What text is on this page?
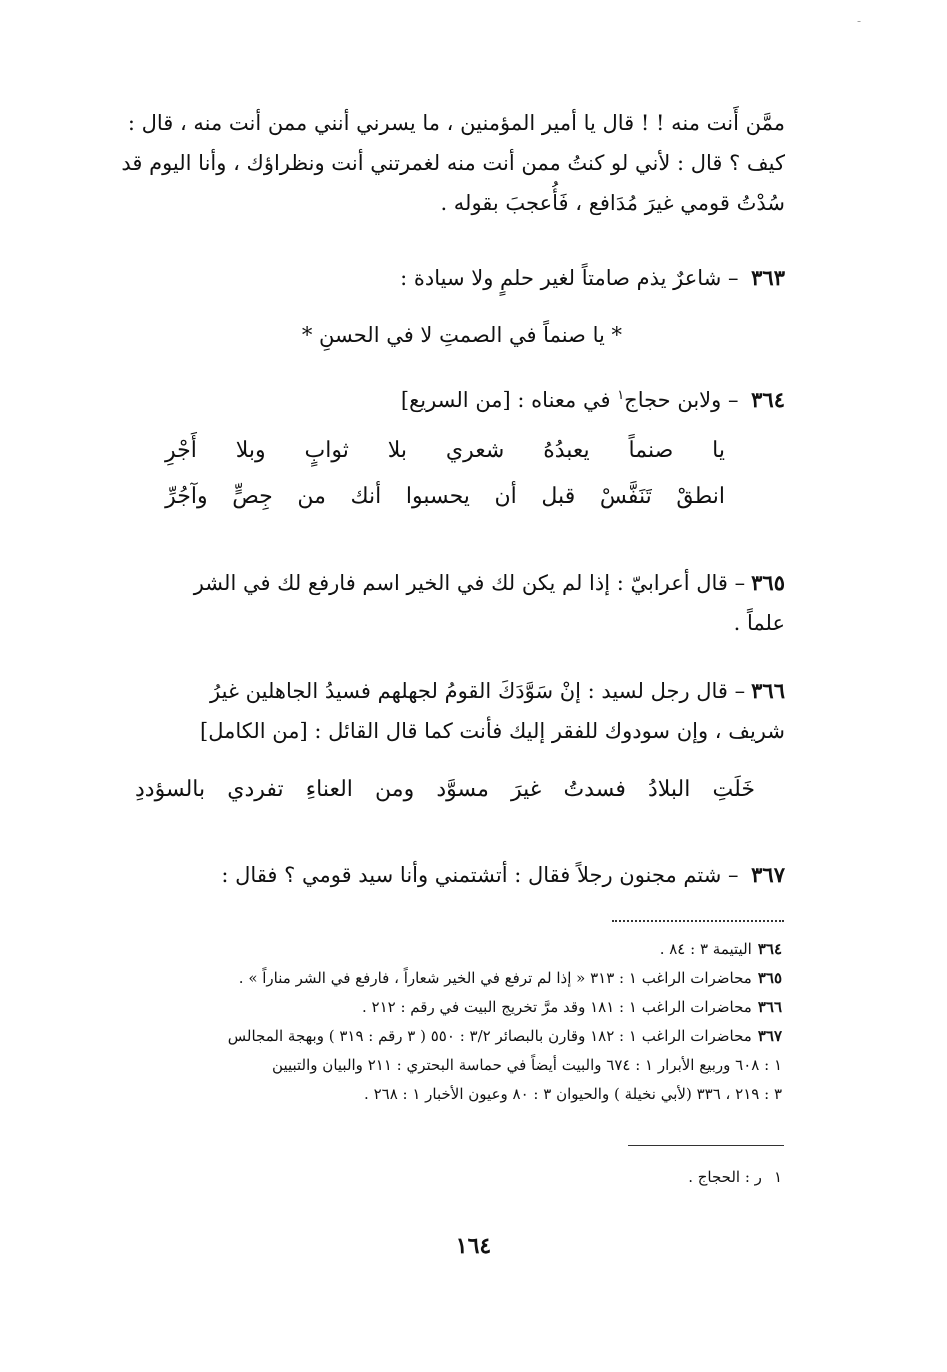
-
ممَّن أَنت منه ! ! قال يا أمير المؤمنين ، ما يسرني أنني ممن أنت منه ، قال :
كيف ؟ قال : لأني لو كنتُ ممن أنت منه لغمرتني أنت ونظراؤك ، وأنا اليوم قد
سُدْتُ قومي غيرَ مُدَافع ، فَأُعجبَ بقوله .
٣٦٣ – شاعرٌ يذم صامتاً لغير حلمٍ ولا سيادة :
* يا صنماً في الصمتِ لا في الحسنِ *
٣٦٤ – ولابن حجاج$^١$ في معناه : [من السريع]
يا
صنماً
يعبدُهُ
شعري
بلا
ثوابٍ
وبلا
أَجْرِ
انطقْ
تَنَفَّسْ
قبل
أن
يحسبوا
أنك
من
جِصٍّ
وآجُرِّ
٣٦٥– قال أعرابيّ : إذا لم يكن لك في الخير اسم فارفع لك في الشر
علماً .
٣٦٦– قال رجل لسيد : إنْ سَوَّدَكَ القومُ لجهلهم فسيدُ الجاهلين غيرُ
شريف ، وإن سودوك للفقر إليك فأنت كما قال القائل : [من الكامل]
خَلَتِ
البلادُ
فسدتُ
غيرَ
مسوَّد
ومن
العناءِ
تفردي
بالسؤددِ
٣٦٧ – شتم مجنون رجلاً فقال : أتشتمني وأنا سيد قومي ؟ فقال :
٣٦٤اليتيمة ٣ : ٨٤ .
٣٦٥محاضرات الراغب ١ : ٣١٣ « إذا لم ترفع في الخير شعاراً ، فارفع في الشر مناراً » .
٣٦٦محاضرات الراغب ١ : ١٨١ وقد مرَّ تخريج البيت في رقم : ٢١٢ .
٣٦٧محاضرات الراغب ١ : ١٨٢ وقارن بالبصائر ٣/٢ : ٥٥٠ ( ٣ رقم : ٣١٩ ) وبهجة المجالس
١ : ٦٠٨ وربيع الأبرار ١ : ٦٧٤ والبيت أيضاً في حماسة البحتري : ٢١١ والبيان والتبيين
٣ : ٢١٩ ، ٣٣٦ (لأبي نخيلة ) والحيوان ٣ : ٨٠ وعيون الأخبار ١ : ٢٦٨ .
١ر : الحجاج .
١٦٤
